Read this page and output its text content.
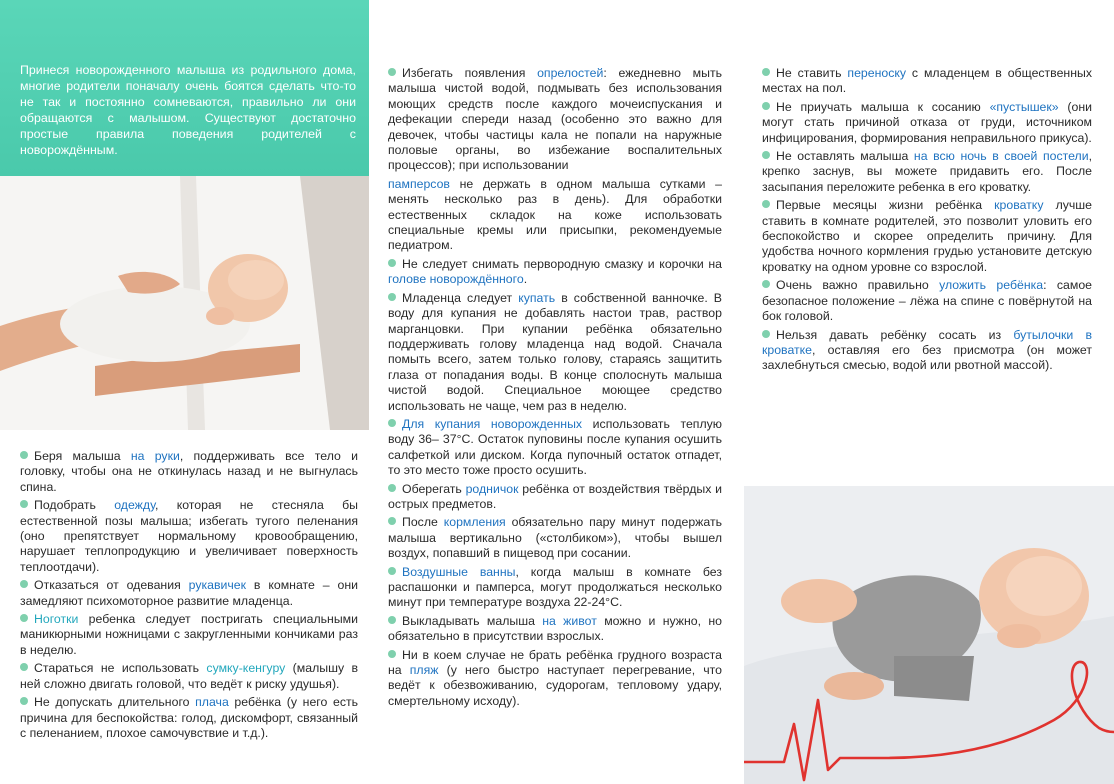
Принеся новорожденного малыша из родильного дома, многие родители поначалу очень боятся сделать что-то не так и постоянно сомневаются, правильно ли они обращаются с малышом. Существуют достаточно простые правила поведения родителей с новорождённым.

Беря малыша на руки, поддерживать все тело и головку, чтобы она не откинулась назад и не выгнулась спина.

Подобрать одежду, которая не стесняла бы естественной позы малыша; избегать тугого пеленания (оно препятствует нормальному кровообращению, нарушает теплопродукцию и увеличивает поверхность теплоотдачи).

Отказаться от одевания рукавичек в комнате – они замедляют психомоторное развитие младенца.

Ноготки ребенка следует постригать специальными маникюрными ножницами с закругленными кончиками раз в неделю.

Стараться не использовать сумку-кенгуру (малышу в ней сложно двигать головой, что ведёт к риску удушья).

Не допускать длительного плача ребёнка (у него есть причина для беспокойства: голод, дискомфорт, связанный с пеленанием, плохое самочувствие и т.д.).

Избегать появления опрелостей: ежедневно мыть малыша чистой водой, подмывать без использования моющих средств после каждого мочеиспускания и дефекации спереди назад (особенно это важно для девочек, чтобы частицы кала не попали на наружные половые органы, во избежание воспалительных процессов); при использовании

памперсов не держать в одном малыша сутками – менять несколько раз в день). Для обработки естественных складок на коже использовать специальные кремы или присыпки, рекомендуемые педиатром.

Не следует снимать первородную смазку и корочки на голове новорождённого.

Младенца следует купать в собственной ванночке. В воду для купания не добавлять настои трав, раствор марганцовки. При купании ребёнка обязательно поддерживать голову младенца над водой. Сначала помыть всего, затем только голову, стараясь защитить глаза от попадания воды. В конце сполоснуть малыша чистой водой. Специальное моющее средство использовать не чаще, чем раз в неделю.

Для купания новорожденных использовать теплую воду 36– 37°С. Остаток пуповины после купания осушить салфеткой или диском. Когда пупочный остаток отпадет, то это место тоже просто осушить.

Оберегать родничок ребёнка от воздействия твёрдых и острых предметов.

После кормления обязательно пару минут подержать малыша вертикально («столбиком»), чтобы вышел воздух, попавший в пищевод при сосании.

Воздушные ванны, когда малыш в комнате без распашонки и памперса, могут продолжаться несколько минут при температуре воздуха 22-24°С.

Выкладывать малыша на живот можно и нужно, но обязательно в присутствии взрослых.

Ни в коем случае не брать ребёнка грудного возраста на пляж (у него быстро наступает перегревание, что ведёт к обезвоживанию, судорогам, тепловому удару, смертельному исходу).

Не ставить переноску с младенцем в общественных местах на пол.

Не приучать малыша к сосанию «пустышек» (они могут стать причиной отказа от груди, источником инфицирования, формирования неправильного прикуса).

Не оставлять малыша на всю ночь в своей постели, крепко заснув, вы можете придавить его. После засыпания переложите ребенка в его кроватку.

Первые месяцы жизни ребёнка кроватку лучше ставить в комнате родителей, это позволит уловить его беспокойство и скорее определить причину. Для удобства ночного кормления грудью установите детскую кроватку на одном уровне со взрослой.

Очень важно правильно уложить ребёнка: самое безопасное положение – лёжа на спине с повёрнутой на бок головой.

Нельзя давать ребёнку сосать из бутылочки в кроватке, оставляя его без присмотра (он может захлебнуться смесью, водой или рвотной массой).
